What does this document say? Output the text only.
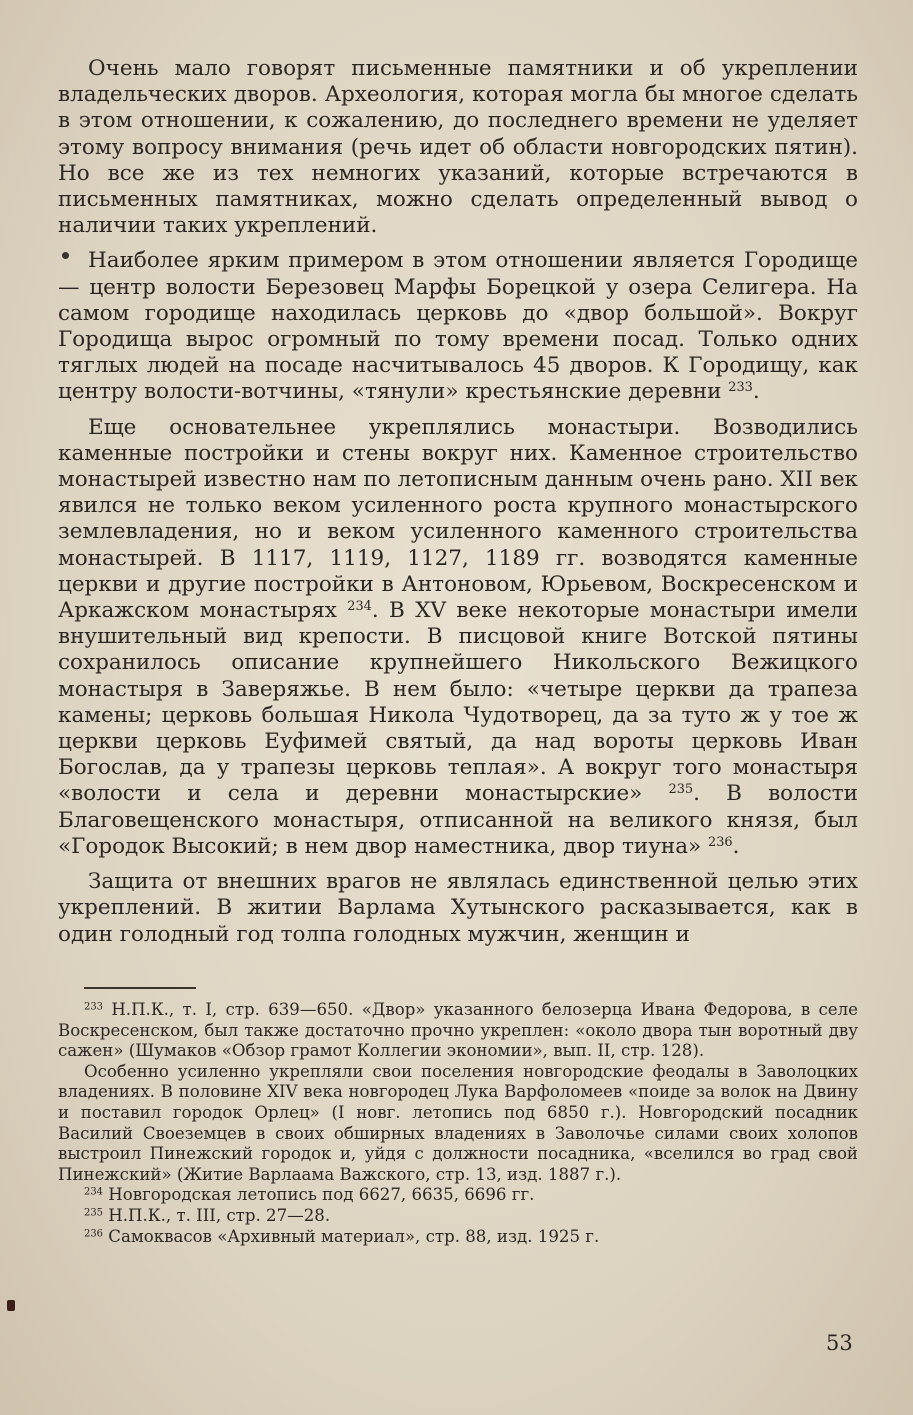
Очень мало говорят письменные памятники и об укреплении владельческих дворов. Археология, которая могла бы многое сделать в этом отношении, к сожалению, до последнего времени не уделяет этому вопросу внимания (речь идет об области новгородских пятин). Но все же из тех немногих указаний, которые встречаются в письменных памятниках, можно сделать определенный вывод о наличии таких укреплений.

Наиболее ярким примером в этом отношении является Городище — центр волости Березовец Марфы Борецкой у озера Селигера. На самом городище находилась церковь до «двор большой». Вокруг Городища вырос огромный по тому времени посад. Только одних тяглых людей на посаде насчитывалось 45 дворов. К Городищу, как центру волости-вотчины, «тянули» крестьянские деревни $^{233}$.

Еще основательнее укреплялись монастыри. Возводились каменные постройки и стены вокруг них. Каменное строительство монастырей известно нам по летописным данным очень рано. XII век явился не только веком усиленного роста крупного монастырского землевладения, но и веком усиленного каменного строительства монастырей. В 1117, 1119, 1127, 1189 гг. возводятся каменные церкви и другие постройки в Антоновом, Юрьевом, Воскресенском и Аркажском монастырях $^{234}$. В XV веке некоторые монастыри имели внушительный вид крепости. В писцовой книге Вотской пятины сохранилось описание крупнейшего Никольского Вежицкого монастыря в Заверяжье. В нем было: «четыре церкви да трапеза камены; церковь большая Никола Чудотворец, да за туто ж у тое ж церкви церковь Еуфимей святый, да над вороты церковь Иван Богослав, да у трапезы церковь теплая». А вокруг того монастыря «волости и села и деревни монастырские» $^{235}$. В волости Благовещенского монастыря, отписанной на великого князя, был «Городок Высокий; в нем двор наместника, двор тиуна» $^{236}$.

Защита от внешних врагов не являлась единственной целью этих укреплений. В житии Варлама Хутынского расказывается, как в один голодный год толпа голодных мужчин, женщин и

$^{233}$ Н.П.К., т. I, стр. 639—650. «Двор» указанного белозерца Ивана Федорова, в селе Воскресенском, был также достаточно прочно укреплен: «около двора тын воротный дву сажен» (Шумаков «Обзор грамот Коллегии экономии», вып. II, стр. 128).

Особенно усиленно укрепляли свои поселения новгородские феодалы в Заволоцких владениях. В половине XIV века новгородец Лука Варфоломеев «поиде за волок на Двину и поставил городок Орлец» (I новг. летопись под 6850 г.). Новгородский посадник Василий Своеземцев в своих обширных владениях в Заволочье силами своих холопов выстроил Пинежский городок и, уйдя с должности посадника, «вселился во град свой Пинежский» (Житие Варлаама Важского, стр. 13, изд. 1887 г.).

$^{234}$ Новгородская летопись под 6627, 6635, 6696 гг.

$^{235}$ Н.П.К., т. III, стр. 27—28.

$^{236}$ Самоквасов «Архивный материал», стр. 88, изд. 1925 г.

53
